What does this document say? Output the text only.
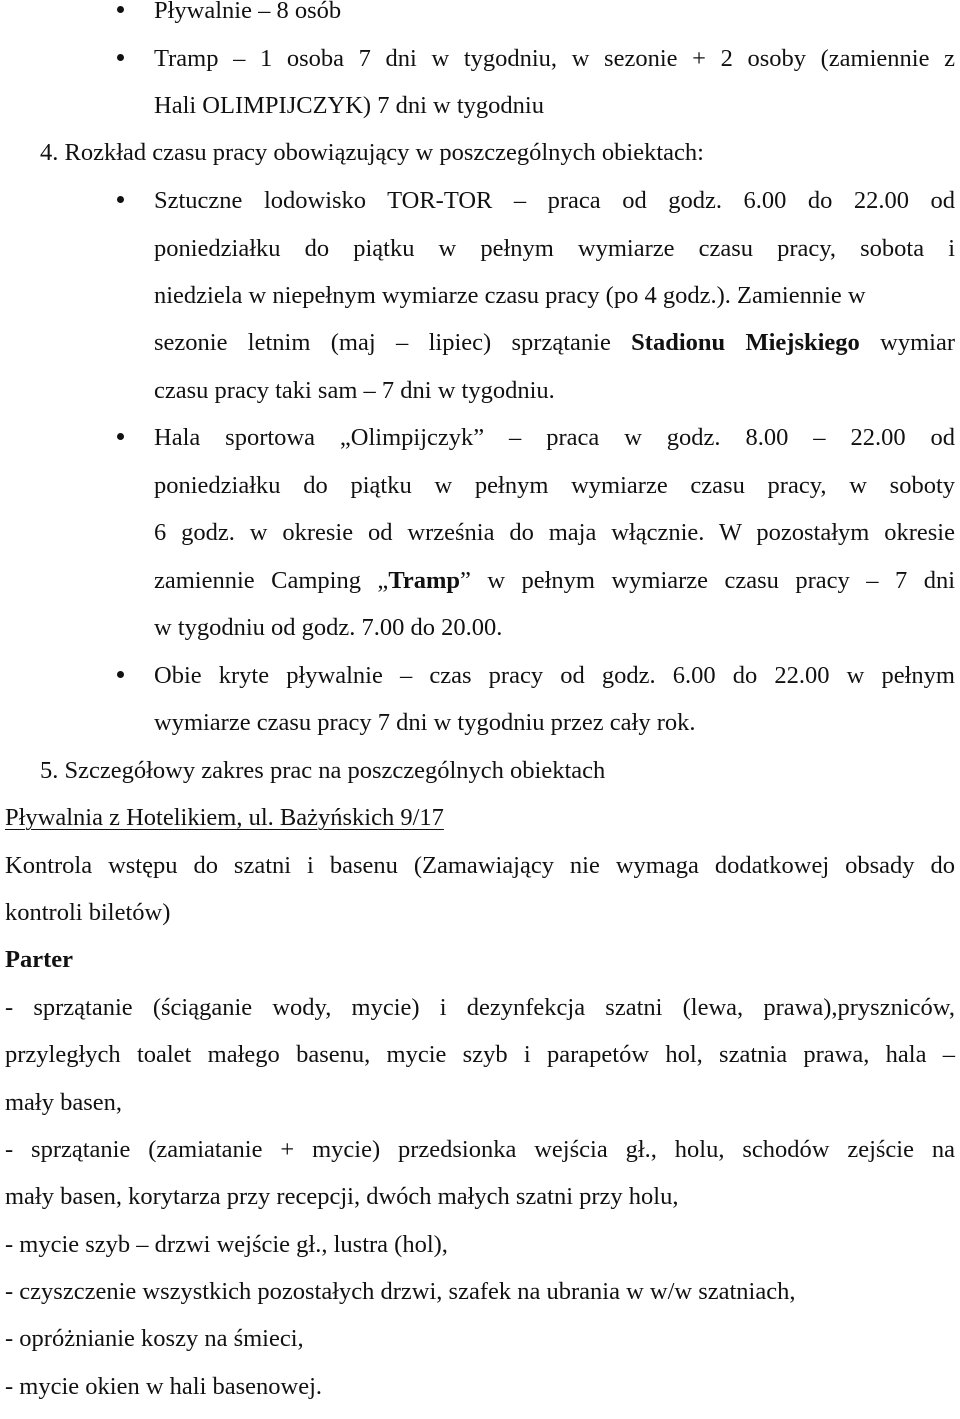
Pływalnie – 8 osób
Tramp – 1 osoba 7 dni w tygodniu, w sezonie + 2 osoby (zamiennie z
Hali OLIMPIJCZYK) 7 dni w tygodniu
4. Rozkład czasu pracy obowiązujący w poszczególnych obiektach:
Sztuczne lodowisko TOR-TOR – praca od godz. 6.00 do 22.00 od
poniedziałku do piątku w pełnym wymiarze czasu pracy, sobota i
niedziela w niepełnym wymiarze czasu pracy (po 4 godz.). Zamiennie w
sezonie letnim (maj – lipiec) sprzątanie Stadionu Miejskiego wymiar
czasu pracy taki sam – 7 dni w tygodniu.
Hala sportowa „Olimpijczyk” – praca w godz. 8.00 – 22.00 od
poniedziałku do piątku w pełnym wymiarze czasu pracy, w soboty
6 godz. w okresie od września do maja włącznie. W pozostałym okresie
zamiennie Camping „Tramp” w pełnym wymiarze czasu pracy – 7 dni
w tygodniu od godz. 7.00 do 20.00.
Obie kryte pływalnie – czas pracy od godz. 6.00 do 22.00 w pełnym
wymiarze czasu pracy 7 dni w tygodniu przez cały rok.
5. Szczegółowy zakres prac na poszczególnych obiektach
Pływalnia z Hotelikiem, ul. Bażyńskich 9/17
Kontrola wstępu do szatni i basenu (Zamawiający nie wymaga dodatkowej obsady do
kontroli biletów)
Parter
- sprzątanie (ściąganie wody, mycie) i dezynfekcja szatni (lewa, prawa),pryszniców,
przyległych toalet małego basenu, mycie szyb i parapetów hol, szatnia prawa, hala –
mały basen,
- sprzątanie (zamiatanie + mycie) przedsionka wejścia gł., holu, schodów zejście na
mały basen, korytarza przy recepcji, dwóch małych szatni przy holu,
- mycie szyb – drzwi wejście gł., lustra (hol),
- czyszczenie wszystkich pozostałych drzwi, szafek na ubrania w w/w szatniach,
- opróżnianie koszy na śmieci,
- mycie okien w hali basenowej.
